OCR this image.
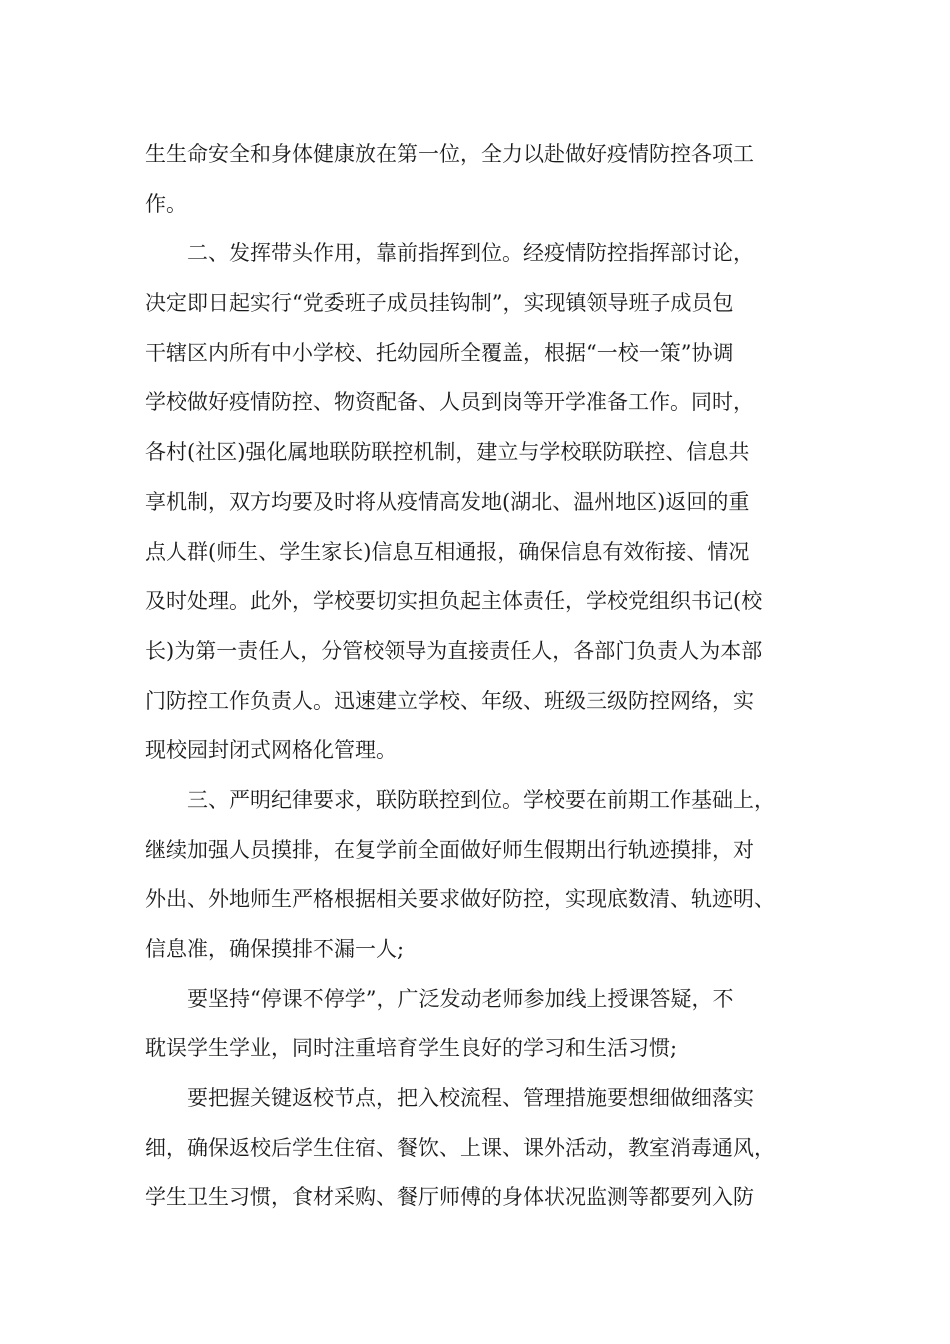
生生命安全和身体健康放在第一位，全力以赴做好疫情防控各项工

作。

二、发挥带头作用，靠前指挥到位。经疫情防控指挥部讨论，

决定即日起实行“党委班子成员挂钩制”，实现镇领导班子成员包

干辖区内所有中小学校、托幼园所全覆盖，根据“一校一策”协调

学校做好疫情防控、物资配备、人员到岗等开学准备工作。同时，

各村(社区)强化属地联防联控机制，建立与学校联防联控、信息共

享机制，双方均要及时将从疫情高发地(湖北、温州地区)返回的重

点人群(师生、学生家长)信息互相通报，确保信息有效衔接、情况

及时处理。此外，学校要切实担负起主体责任，学校党组织书记(校

长)为第一责任人，分管校领导为直接责任人，各部门负责人为本部

门防控工作负责人。迅速建立学校、年级、班级三级防控网络，实

现校园封闭式网格化管理。

三、严明纪律要求，联防联控到位。学校要在前期工作基础上，

继续加强人员摸排，在复学前全面做好师生假期出行轨迹摸排，对

外出、外地师生严格根据相关要求做好防控，实现底数清、轨迹明、

信息准，确保摸排不漏一人;

要坚持“停课不停学”，广泛发动老师参加线上授课答疑，不

耽误学生学业，同时注重培育学生良好的学习和生活习惯;

要把握关键返校节点，把入校流程、管理措施要想细做细落实

细，确保返校后学生住宿、餐饮、上课、课外活动，教室消毒通风，

学生卫生习惯，食材采购、餐厅师傅的身体状况监测等都要列入防
